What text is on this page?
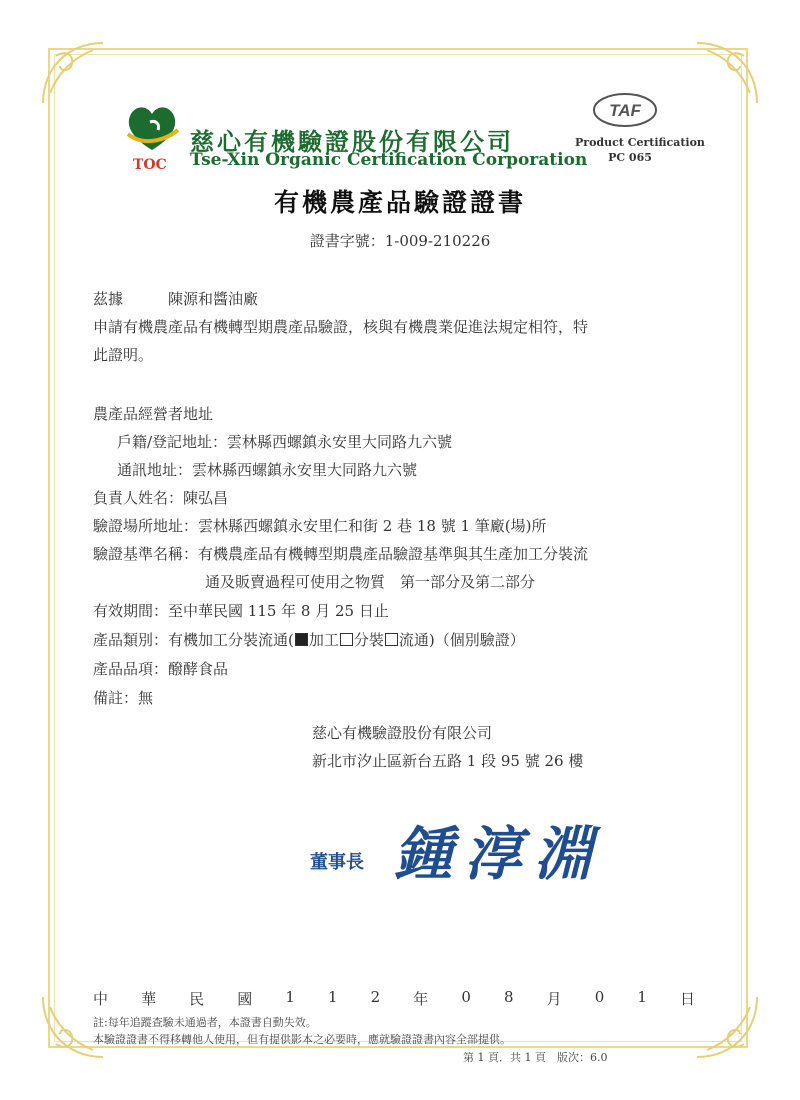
TOC
慈心有機驗證股份有限公司
Tse-Xin Organic Certification Corporation
TAF
Product Certification
PC 065
有機農產品驗證證書
證書字號：1-009-210226
茲據	陳源和醬油廠
申請有機農產品有機轉型期農產品驗證，核與有機農業促進法規定相符，特
此證明。
農產品經營者地址
戶籍/登記地址：雲林縣西螺鎮永安里大同路九六號
通訊地址：雲林縣西螺鎮永安里大同路九六號
負責人姓名：陳弘昌
驗證場所地址：雲林縣西螺鎮永安里仁和街 2 巷 18 號 1 筆廠(場)所
驗證基準名稱：有機農產品有機轉型期農產品驗證基準與其生產加工分裝流
通及販賣過程可使用之物質　第一部分及第二部分
有效期間：至中華民國 115 年 8 月 25 日止
產品類別：有機加工分裝流通( 加工 分裝 流通)（個別驗證）
產品品項：醱酵食品
備註：無
慈心有機驗證股份有限公司
新北市汐止區新台五路 1 段 95 號 26 樓
董事長 鍾淳淵
中 華 民 國 1 1 2 年 0 8 月 0 1 日
註:每年追蹤查驗未通過者，本證書自動失效。
本驗證證書不得移轉他人使用，但有提供影本之必要時，應就驗證證書內容全部提供。
第 1 頁．共 1 頁　版次：6.0
